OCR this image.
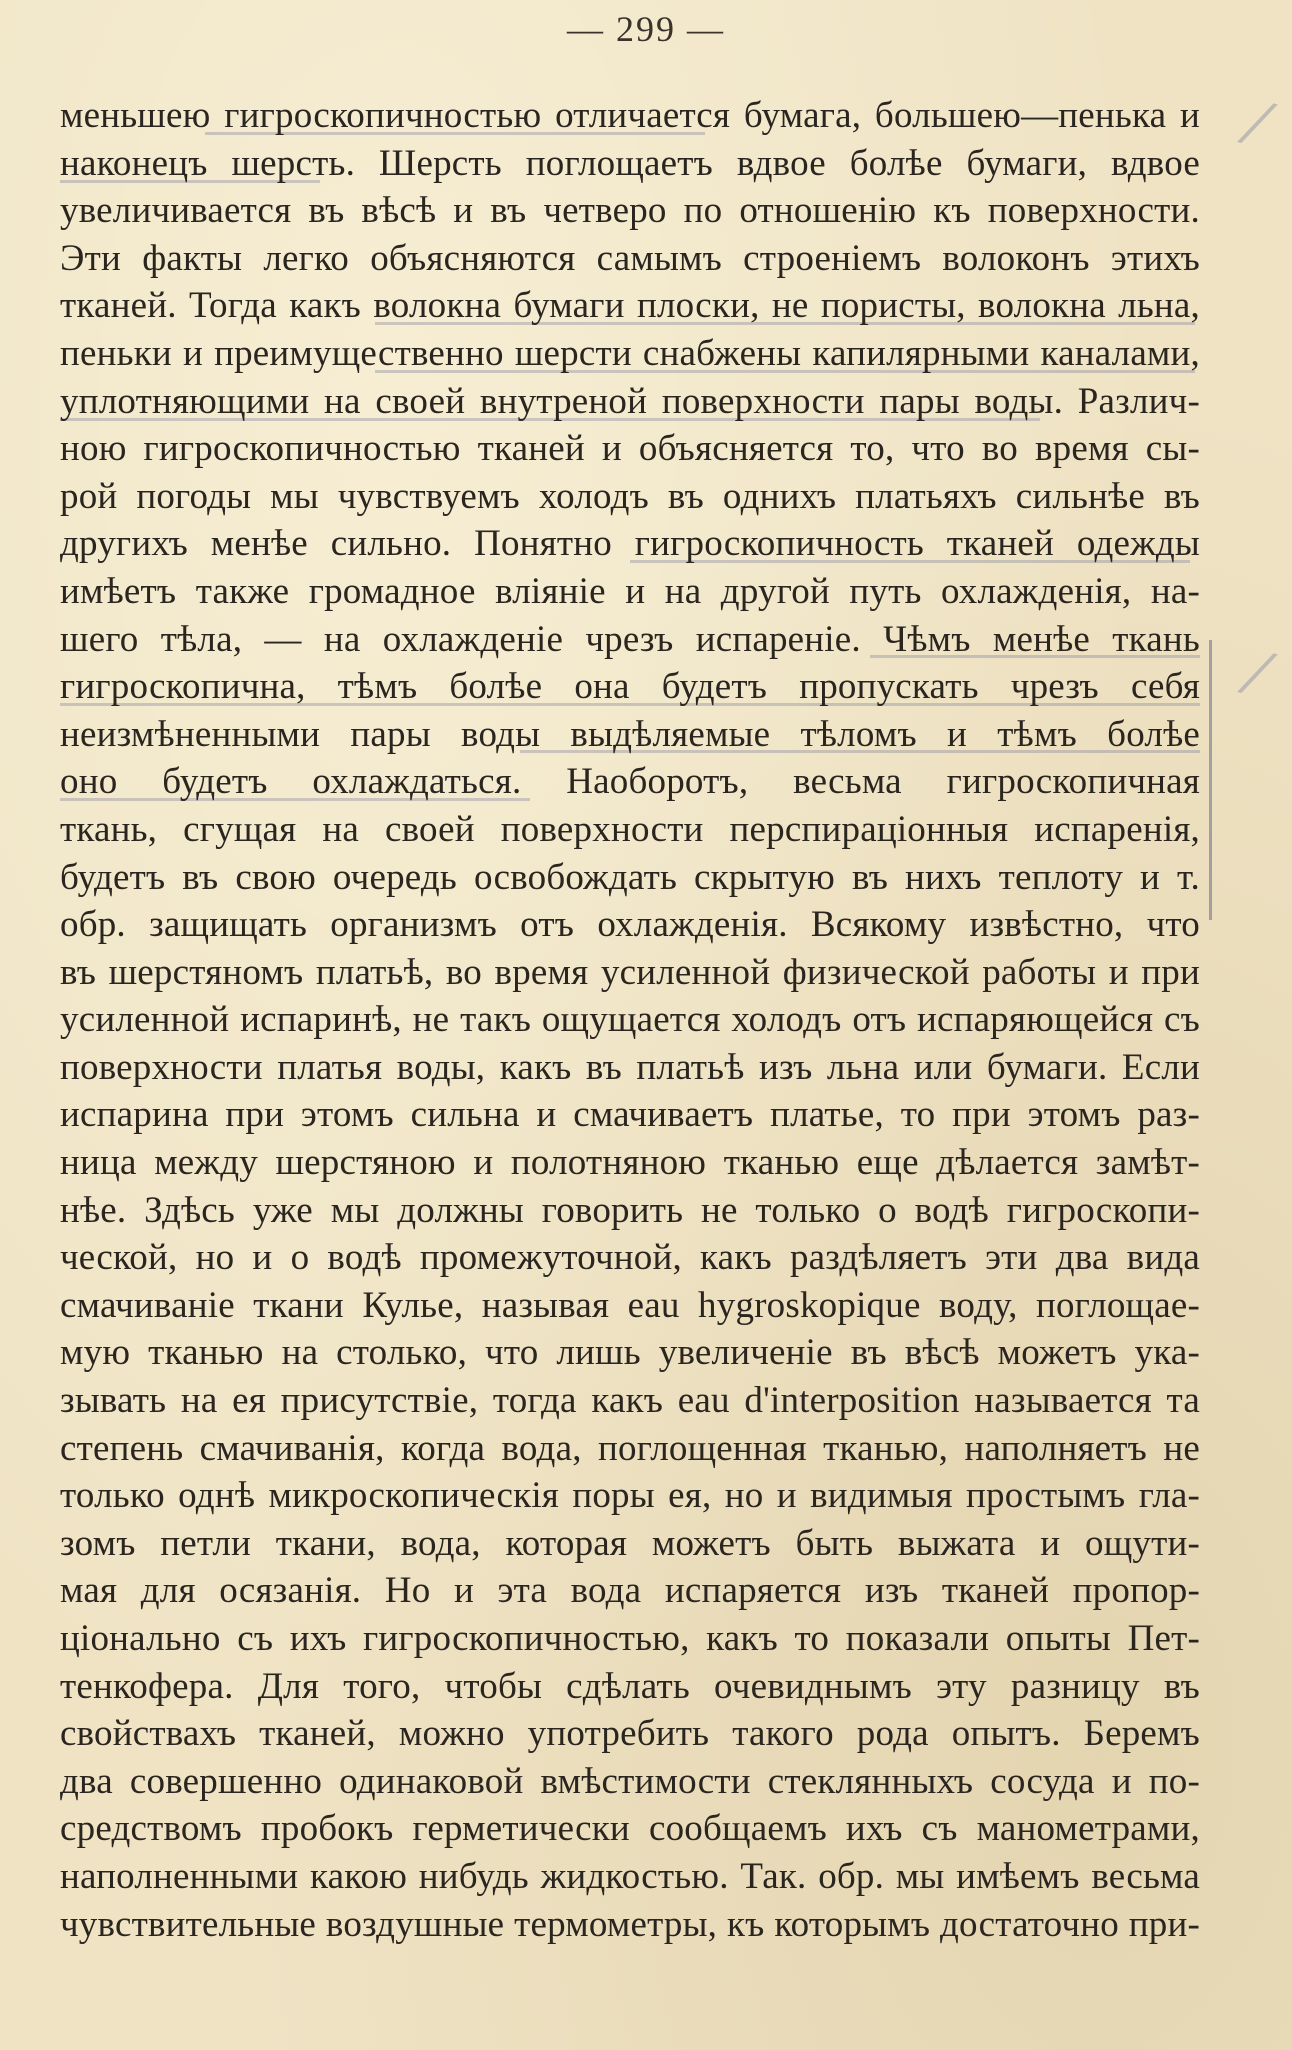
— 299 —
⁄
⁄
меньшею гигроскопичностью отличается бумага, большею—пенька и
наконецъ шерсть. Шерсть поглощаетъ вдвое болѣе бумаги, вдвое
увеличивается въ вѣсѣ и въ четверо по отношенію къ поверхности.
Эти факты легко объясняются самымъ строеніемъ волоконъ этихъ
тканей. Тогда какъ волокна бумаги плоски, не пористы, волокна льна,
пеньки и преимущественно шерсти снабжены капилярными каналами,
уплотняющими на своей внутреной поверхности пары воды. Различ-
ною гигроскопичностью тканей и объясняется то, что во время сы-
рой погоды мы чувствуемъ холодъ въ однихъ платьяхъ сильнѣе въ
другихъ менѣе сильно. Понятно гигроскопичность тканей одежды
имѣетъ также громадное вліяніе и на другой путь охлажденія, на-
шего тѣла, — на охлажденіе чрезъ испареніе. Чѣмъ менѣе ткань
гигроскопична, тѣмъ болѣе она будетъ пропускать чрезъ себя
неизмѣненными пары воды выдѣляемые тѣломъ и тѣмъ болѣе
оно будетъ охлаждаться. Наоборотъ, весьма гигроскопичная
ткань, сгущая на своей поверхности перспираціонныя испаренія,
будетъ въ свою очередь освобождать скрытую въ нихъ теплоту и т.
обр. защищать организмъ отъ охлажденія. Всякому извѣстно, что
въ шерстяномъ платьѣ, во время усиленной физической работы и при
усиленной испаринѣ, не такъ ощущается холодъ отъ испаряющейся съ
поверхности платья воды, какъ въ платьѣ изъ льна или бумаги. Если
испарина при этомъ сильна и смачиваетъ платье, то при этомъ раз-
ница между шерстяною и полотняною тканью еще дѣлается замѣт-
нѣе. Здѣсь уже мы должны говорить не только о водѣ гигроскопи-
ческой, но и о водѣ промежуточной, какъ раздѣляетъ эти два вида
смачиваніе ткани Кулье, называя eau hygroskopique воду, поглощае-
мую тканью на столько, что лишь увеличеніе въ вѣсѣ можетъ ука-
зывать на ея присутствіе, тогда какъ eau d'interposition называется та
степень смачиванія, когда вода, поглощенная тканью, наполняетъ не
только однѣ микроскопическія поры ея, но и видимыя простымъ гла-
зомъ петли ткани, вода, которая можетъ быть выжата и ощути-
мая для осязанія. Но и эта вода испаряется изъ тканей пропор-
ціонально съ ихъ гигроскопичностью, какъ то показали опыты Пет-
тенкофера. Для того, чтобы сдѣлать очевиднымъ эту разницу въ
свойствахъ тканей, можно употребить такого рода опытъ. Беремъ
два совершенно одинаковой вмѣстимости стеклянныхъ сосуда и по-
средствомъ пробокъ герметически сообщаемъ ихъ съ манометрами,
наполненными какою нибудь жидкостью. Так. обр. мы имѣемъ весьма
чувствительные воздушные термометры, къ которымъ достаточно при-
